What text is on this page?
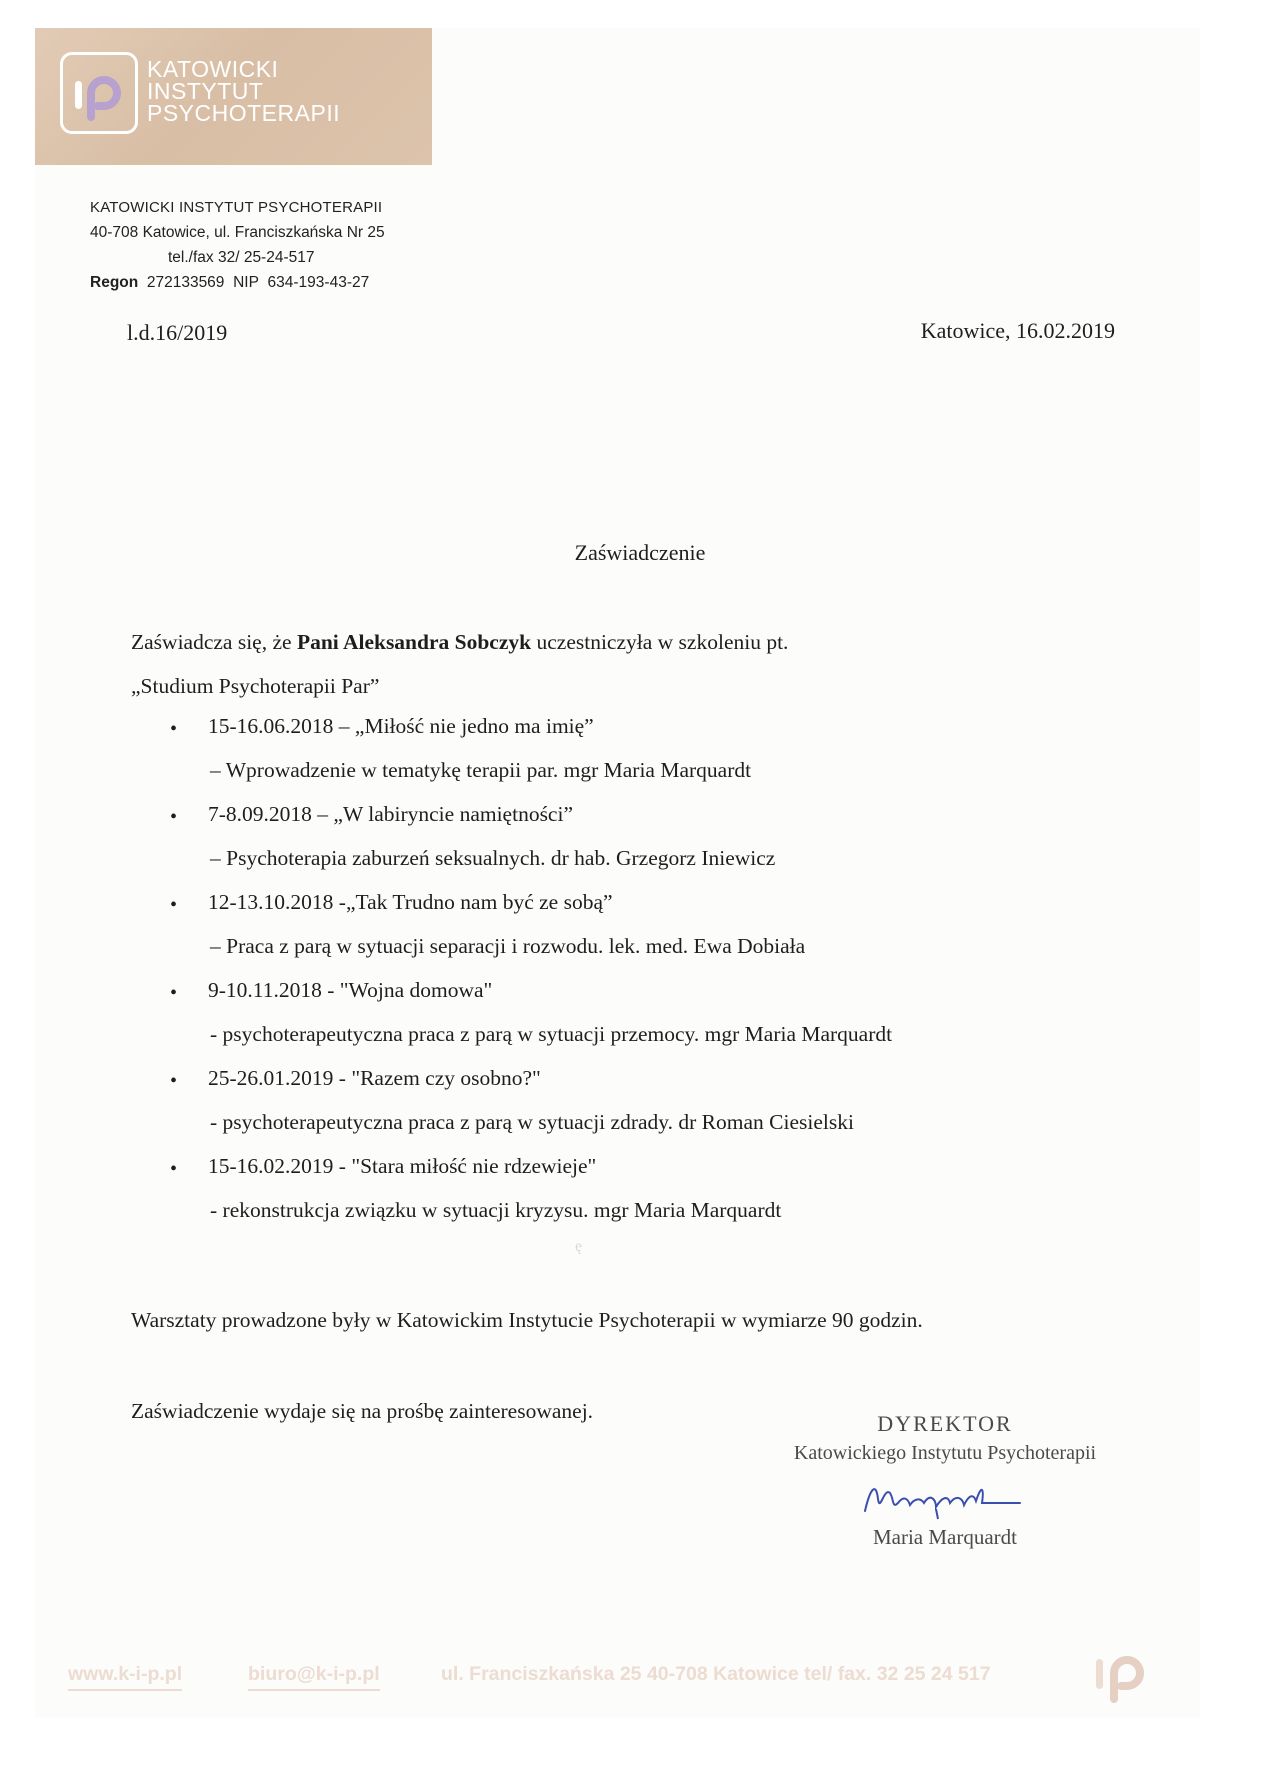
KATOWICKI
INSTYTUT
PSYCHOTERAPII
KATOWICKI INSTYTUT PSYCHOTERAPII
40-708 Katowice, ul. Franciszkańska Nr 25
tel./fax 32/ 25-24-517
Regon 272133569 NIP 634-193-43-27
l.d.16/2019	Katowice, 16.02.2019
Zaświadczenie
Zaświadcza się, że Pani Aleksandra Sobczyk uczestniczyła w szkoleniu pt.
„Studium Psychoterapii Par”
• 15-16.06.2018 – „Miłość nie jedno ma imię”
– Wprowadzenie w tematykę terapii par. mgr Maria Marquardt
• 7-8.09.2018 – „W labiryncie namiętności”
– Psychoterapia zaburzeń seksualnych. dr hab. Grzegorz Iniewicz
• 12-13.10.2018 -„Tak Trudno nam być ze sobą”
– Praca z parą w sytuacji separacji i rozwodu. lek. med. Ewa Dobiała
• 9-10.11.2018 - "Wojna domowa"
- psychoterapeutyczna praca z parą w sytuacji przemocy. mgr Maria Marquardt
• 25-26.01.2019 - "Razem czy osobno?"
- psychoterapeutyczna praca z parą w sytuacji zdrady. dr Roman Ciesielski
• 15-16.02.2019 - "Stara miłość nie rdzewieje"
- rekonstrukcja związku w sytuacji kryzysu. mgr Maria Marquardt
ę
Warsztaty prowadzone były w Katowickim Instytucie Psychoterapii w wymiarze 90 godzin.
Zaświadczenie wydaje się na prośbę zainteresowanej.	DYREKTOR
Katowickiego Instytutu Psychoterapii
Maria Marquardt
www.k-i-p.pl	biuro@k-i-p.pl	ul. Franciszkańska 25 40-708 Katowice tel/ fax. 32 25 24 517
